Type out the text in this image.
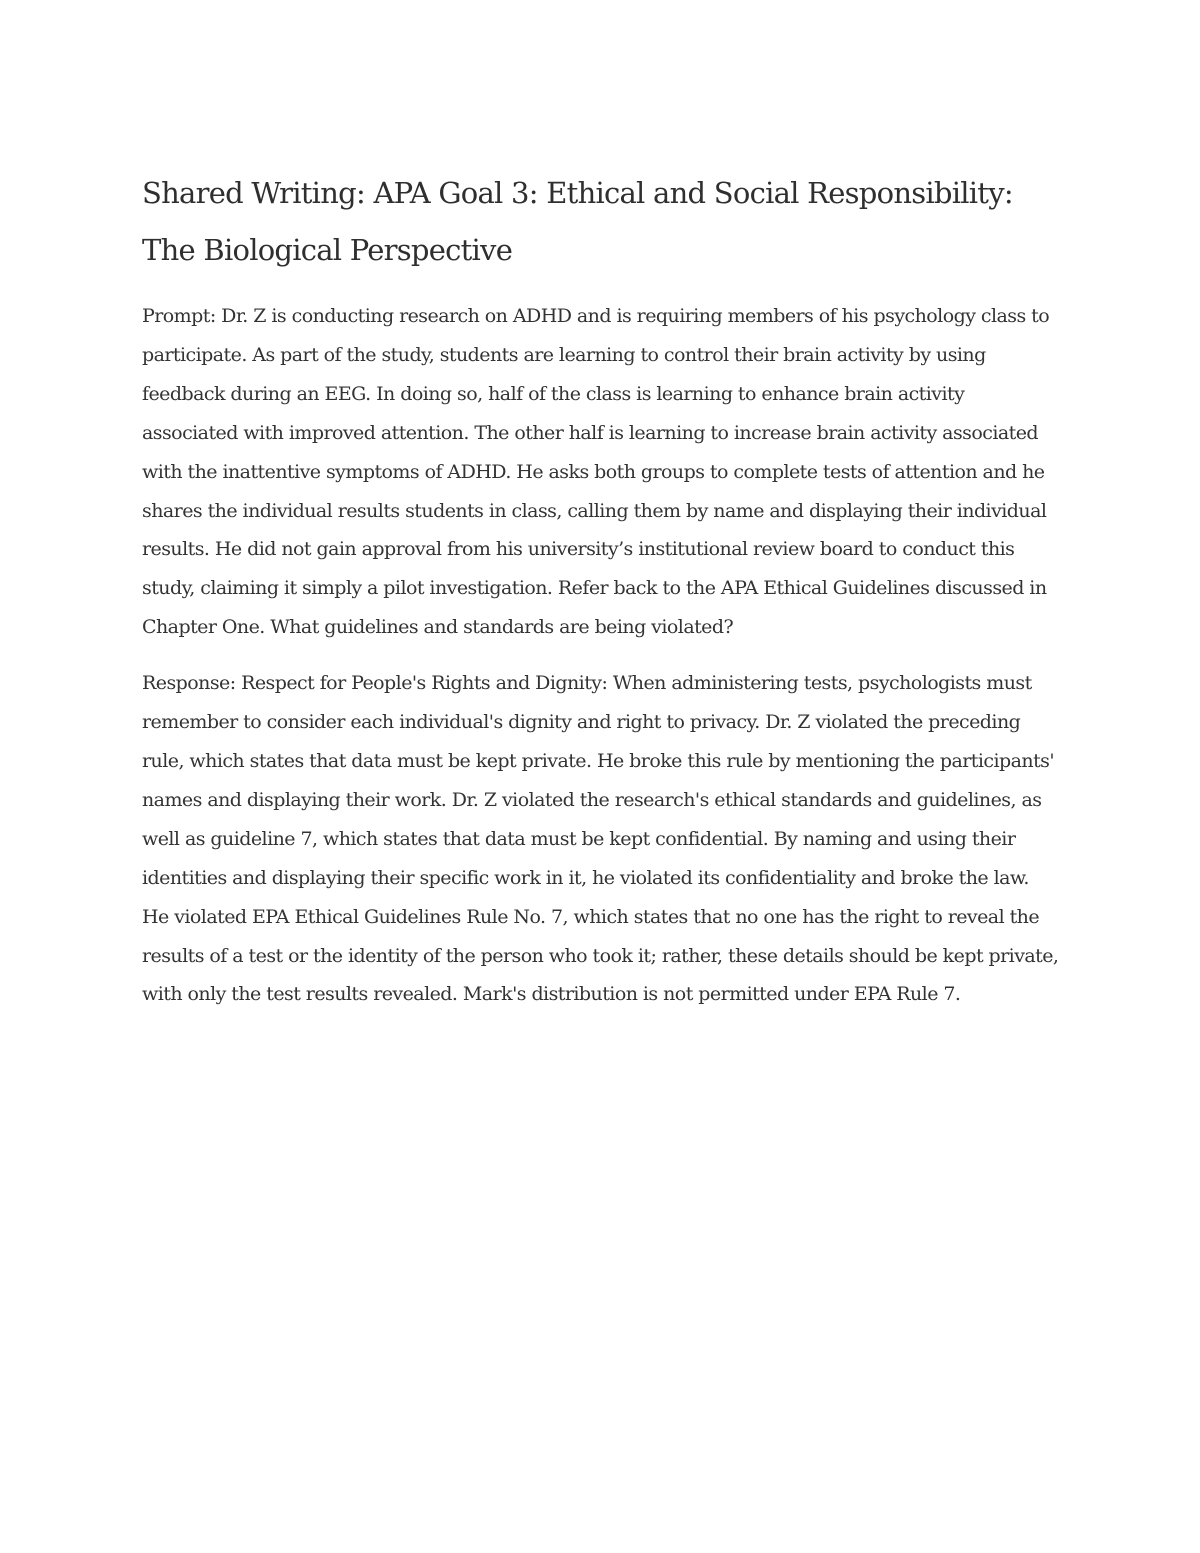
Shared Writing: APA Goal 3: Ethical and Social Responsibility: The Biological Perspective

Prompt: Dr. Z is conducting research on ADHD and is requiring members of his psychology class to participate. As part of the study, students are learning to control their brain activity by using feedback during an EEG. In doing so, half of the class is learning to enhance brain activity associated with improved attention. The other half is learning to increase brain activity associated with the inattentive symptoms of ADHD. He asks both groups to complete tests of attention and he shares the individual results students in class, calling them by name and displaying their individual results. He did not gain approval from his university’s institutional review board to conduct this study, claiming it simply a pilot investigation. Refer back to the APA Ethical Guidelines discussed in Chapter One. What guidelines and standards are being violated?

Response: Respect for People's Rights and Dignity: When administering tests, psychologists must remember to consider each individual's dignity and right to privacy. Dr. Z violated the preceding rule, which states that data must be kept private. He broke this rule by mentioning the participants' names and displaying their work. Dr. Z violated the research's ethical standards and guidelines, as well as guideline 7, which states that data must be kept confidential. By naming and using their identities and displaying their specific work in it, he violated its confidentiality and broke the law. He violated EPA Ethical Guidelines Rule No. 7, which states that no one has the right to reveal the results of a test or the identity of the person who took it; rather, these details should be kept private, with only the test results revealed. Mark's distribution is not permitted under EPA Rule 7.
